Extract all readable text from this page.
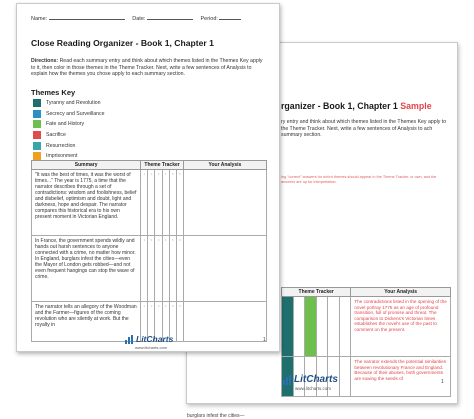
rganizer - Book 1, Chapter 1 Sample
ry entry and think about which themes listed in the Themes Key apply to the Theme Tracker. Next, write a few sentences of Analysis to ach summary section.
ing "correct" answers for which themes should appear in the Theme Tracker. ur own, and the answers are up for interpretation.
Theme Tracker						Your Analysis
						The contradictions listed in the opening of the novel portray 1775 as an age of profound transition, full of promise and threat. The comparison to Dickens's Victorian times establishes the novel's use of the past to comment on the present.
						The narrator extends the potential similarities between revolutionary France and England. Because of their abuses, both governments are sowing the seeds of
burglars infest the cities—
LitCharts
www.litcharts.com
1
Name:	Date:	Period:
Close Reading Organizer - Book 1, Chapter 1
Directions: Read each summary entry and think about which themes listed in the Themes Key apply to it, then color in those themes in the Theme Tracker. Next, write a few sentences of Analysis to explain how the themes you chose apply to each summary section.
Themes Key
Tyranny and Revolution
Secrecy and Surveillance
Fate and History
Sacrifice
Resurrection
Imprisonment
Summary	Theme Tracker						Your Analysis
"It was the best of times, it was the worst of times..." The year is 1775, a time that the narrator describes through a set of contradictions: wisdom and foolishness, belief and disbelief, optimism and doubt, light and darkness, hope and despair. The narrator compares this historical era to his own present moment in Victorian England.	1	2	3	4	5	6	
In France, the government spends wildly and hands out harsh sentences to anyone connected with a crime, no matter how minor. In England, burglars infest the cities—even the Mayor of London gets robbed—and not even frequent hangings can stop the wave of crime.	1	2	3	4	5	6	
The narrator tells an allegory of the Woodman and the Farmer—figures of the coming revolution who are silently at work. But the royalty in	1	2	3	4	5	6	
LitCharts
www.litcharts.com
1
